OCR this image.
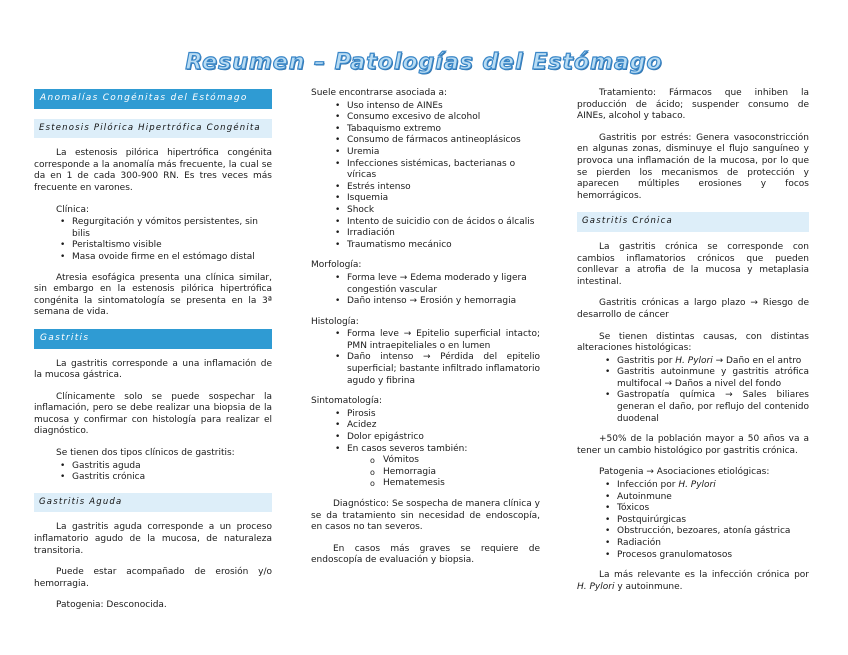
Resumen – Patologías del Estómago
Anomalías Congénitas del Estómago
Estenosis Pilórica Hipertrófica Congénita

La estenosis pilórica hipertrófica congénita corresponde a la anomalía más frecuente, la cual se da en 1 de cada 300-900 RN. Es tres veces más frecuente en varones.

Clínica:
• Regurgitación y vómitos persistentes, sin bilis
• Peristaltismo visible
• Masa ovoide firme en el estómago distal

Atresia esofágica presenta una clínica similar, sin embargo en la estenosis pilórica hipertrófica congénita la sintomatología se presenta en la 3ª semana de vida.

Gastritis

La gastritis corresponde a una inflamación de la mucosa gástrica.

Clínicamente solo se puede sospechar la inflamación, pero se debe realizar una biopsia de la mucosa y confirmar con histología para realizar el diagnóstico.

Se tienen dos tipos clínicos de gastritis:
• Gastritis aguda
• Gastritis crónica
Gastritis Aguda

La gastritis aguda corresponde a un proceso inflamatorio agudo de la mucosa, de naturaleza transitoria.

Puede estar acompañado de erosión y/o hemorragia.

Patogenia: Desconocida.

Suele encontrarse asociada a:
• Uso intenso de AINEs
• Consumo excesivo de alcohol
• Tabaquismo extremo
• Consumo de fármacos antineoplásicos
• Uremia
• Infecciones sistémicas, bacterianas o víricas
• Estrés intenso
• Isquemia
• Shock
• Intento de suicidio con de ácidos o álcalis
• Irradiación
• Traumatismo mecánico
Morfología:
• Forma leve → Edema moderado y ligera congestión vascular
• Daño intenso → Erosión y hemorragia
Histología:
• Forma leve → Epitelio superficial intacto; PMN intraepiteliales o en lumen
• Daño intenso → Pérdida del epitelio superficial; bastante infiltrado inflamatorio agudo y fibrina
Sintomatología:
• Pirosis
• Acidez
• Dolor epigástrico
• En casos severos también:
o Vómitos
o Hemorragia
o Hematemesis

Diagnóstico: Se sospecha de manera clínica y se da tratamiento sin necesidad de endoscopía, en casos no tan severos.

En casos más graves se requiere de endoscopía de evaluación y biopsia.

Tratamiento: Fármacos que inhiben la producción de ácido; suspender consumo de AINEs, alcohol y tabaco.

Gastritis por estrés: Genera vasoconstricción en algunas zonas, disminuye el flujo sanguíneo y provoca una inflamación de la mucosa, por lo que se pierden los mecanismos de protección y aparecen múltiples erosiones y focos hemorrágicos.

Gastritis Crónica

La gastritis crónica se corresponde con cambios inflamatorios crónicos que pueden conllevar a atrofia de la mucosa y metaplasia intestinal.

Gastritis crónicas a largo plazo → Riesgo de desarrollo de cáncer

Se tienen distintas causas, con distintas alteraciones histológicas:

• Gastritis por H. Pylori → Daño en el antro
• Gastritis autoinmune y gastritis atrófica multifocal → Daños a nivel del fondo
• Gastropatía química → Sales biliares generan el daño, por reflujo del contenido duodenal

+50% de la población mayor a 50 años va a tener un cambio histológico por gastritis crónica.

Patogenia → Asociaciones etiológicas:
• Infección por H. Pylori
• Autoinmune
• Tóxicos
• Postquirúrgicas
• Obstrucción, bezoares, atonía gástrica
• Radiación
• Procesos granulomatosos

La más relevante es la infección crónica por H. Pylori y autoinmune.
